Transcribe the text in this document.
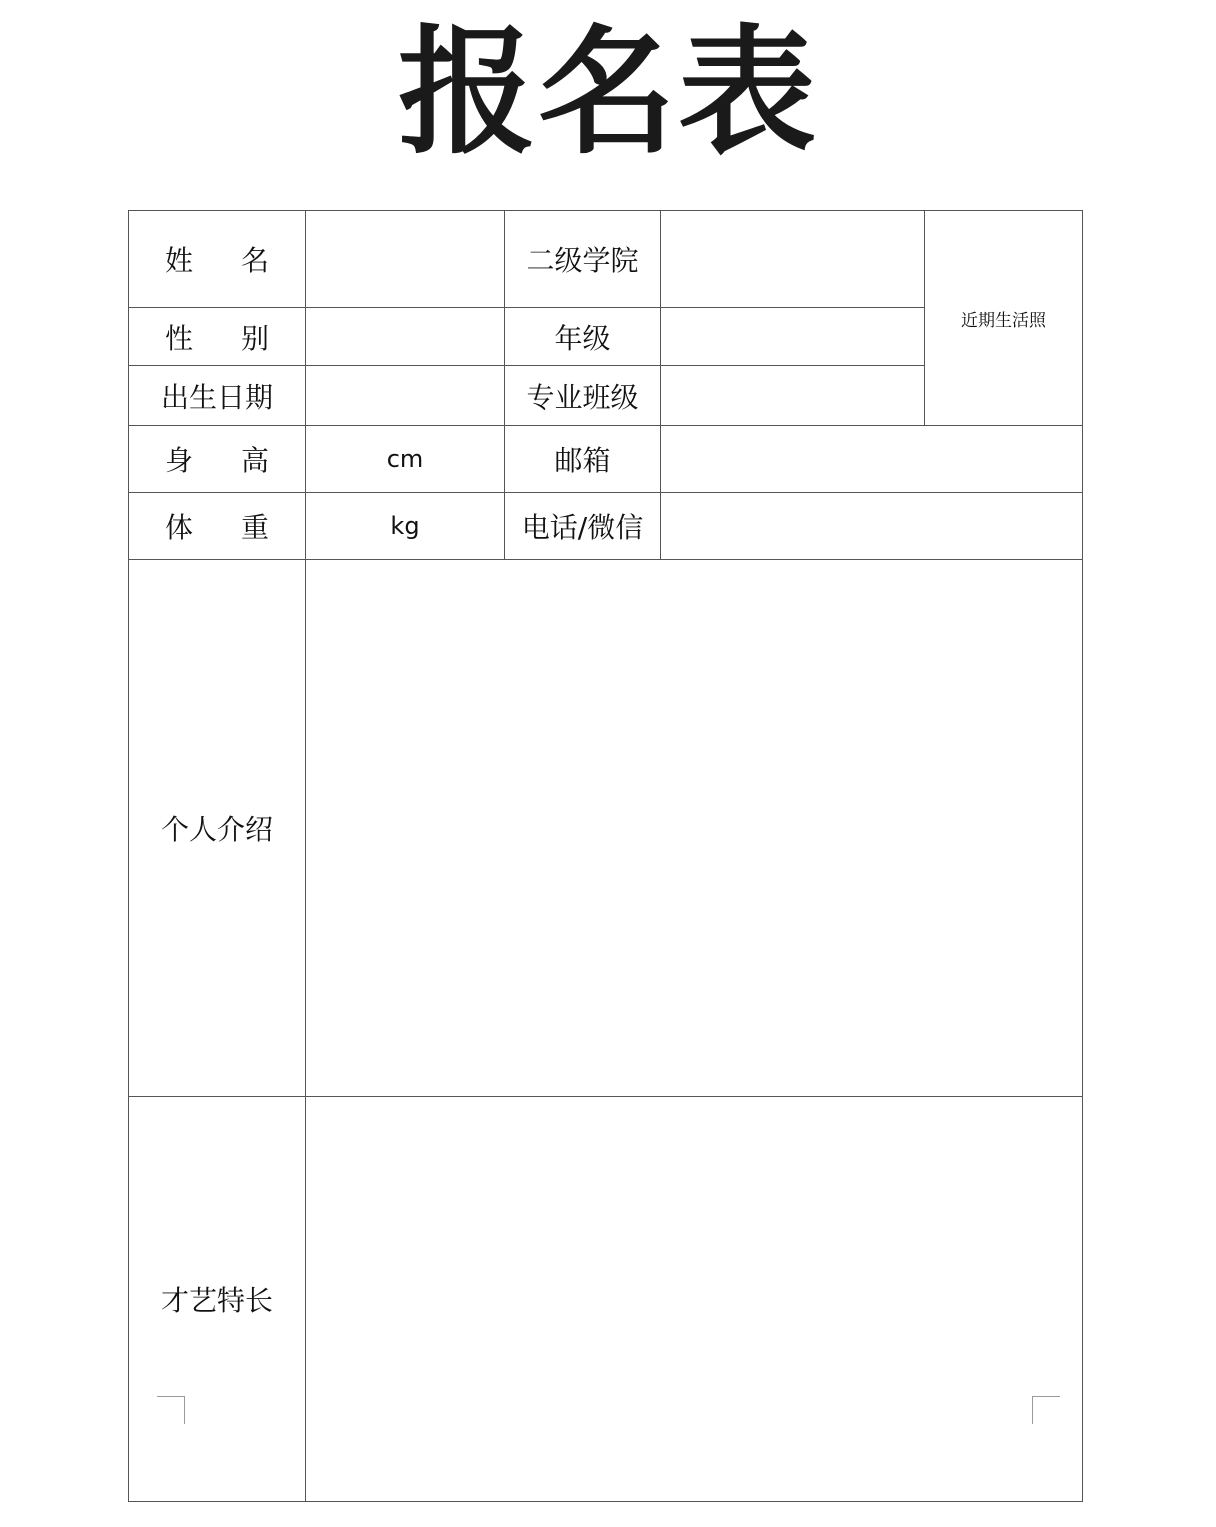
报名表
姓　名		二级学院		近期生活照
性　别		年级		
出生日期		专业班级		
身　高	cm	邮箱		
体　重	kg	电话/微信		
个人介绍				
才艺特长				
